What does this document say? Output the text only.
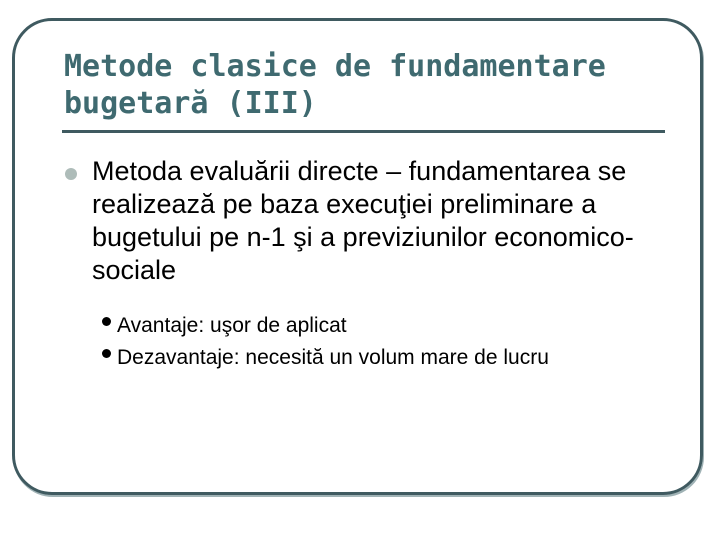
Metode clasice de fundamentare bugetară (III)
Metoda evaluării directe – fundamentarea se realizează pe baza execuţiei preliminare a bugetului pe n-1 şi a previziunilor economico-sociale
Avantaje: uşor de aplicat
Dezavantaje: necesită un volum mare de lucru
